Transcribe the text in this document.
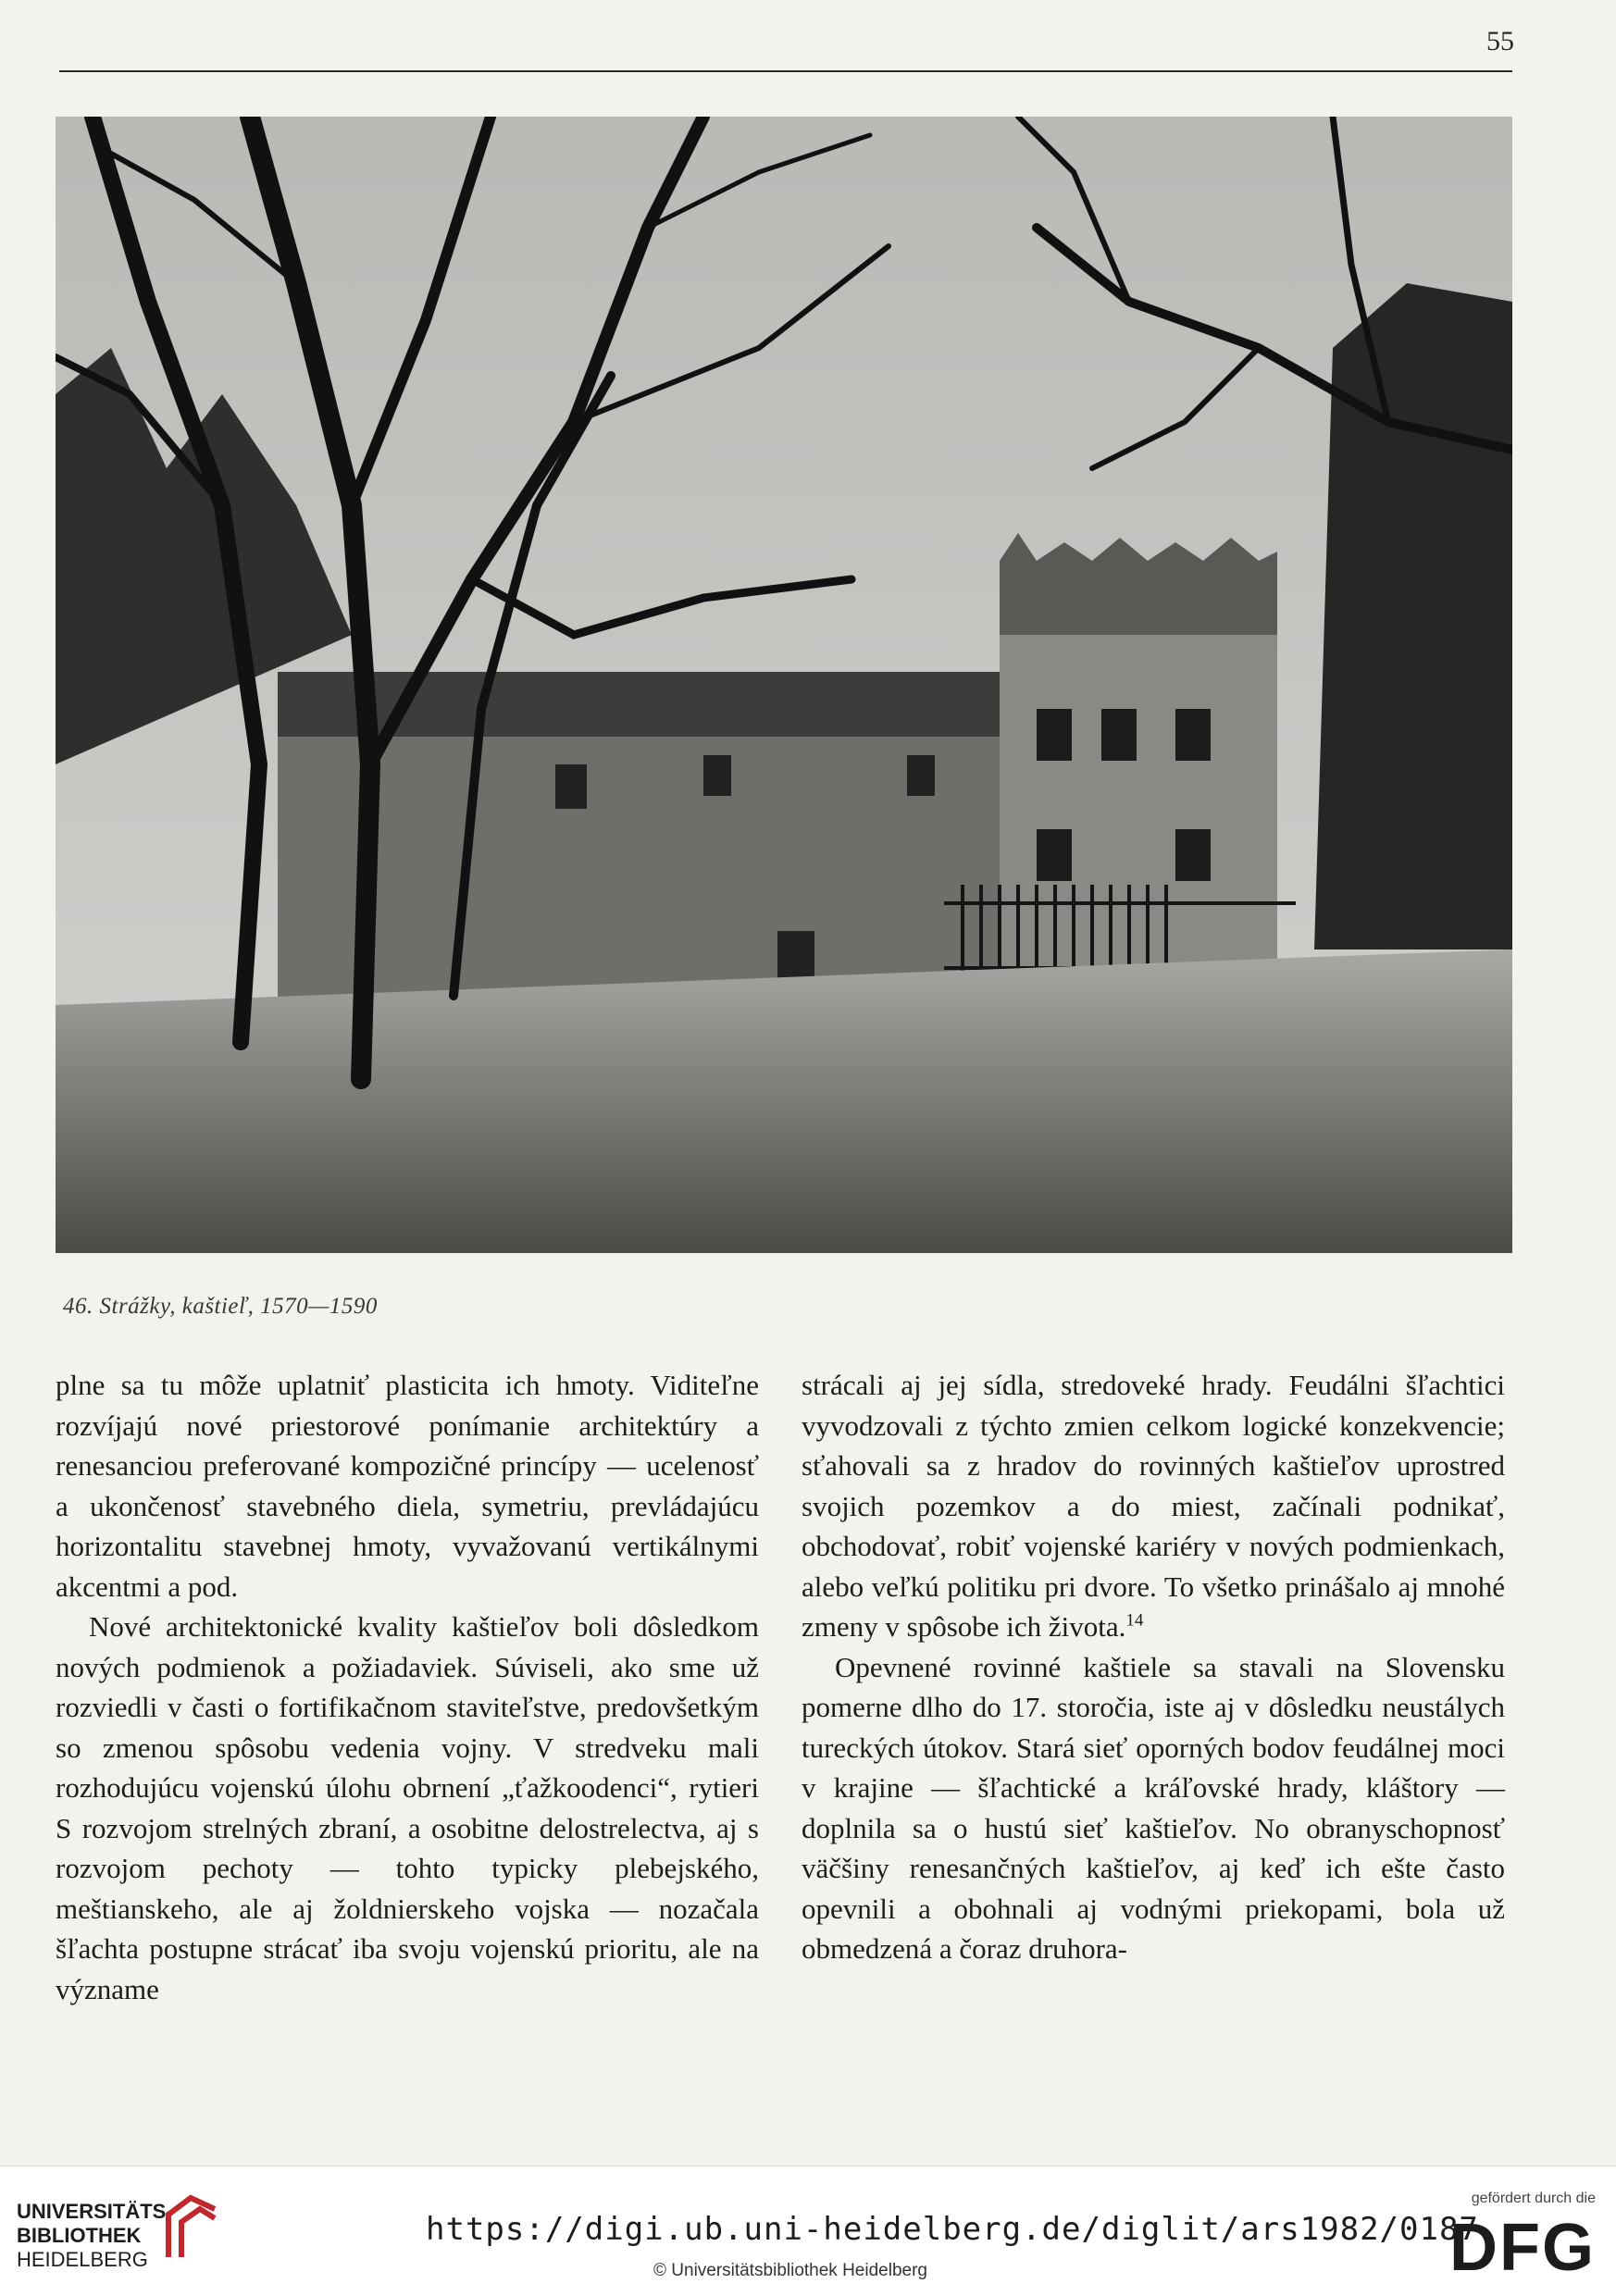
55
46. Strážky, kaštieľ, 1570—1590

plne sa tu môže uplatniť plasticita ich hmoty. Viditeľne rozvíjajú nové priestorové ponímanie architektúry a renesanciou preferované kompozičné princípy — ucelenosť a ukončenosť stavebného diela, symetriu, prevládajúcu horizontalitu stavebnej hmoty, vyvažovanú vertikálnymi akcentmi a pod.

Nové architektonické kvality kaštieľov boli dôsledkom nových podmienok a požiadaviek. Súviseli, ako sme už rozviedli v časti o fortifikačnom staviteľstve, predovšetkým so zmenou spôsobu vedenia vojny. V stredveku mali rozhodujúcu vojenskú úlohu obrnení „ťažkoodenci“, rytieri S rozvojom strelných zbraní, a osobitne delostrelectva, aj s rozvojom pechoty — tohto typicky plebejského, meštianskeho, ale aj žoldnierskeho vojska — nozačala šľachta postupne strácať iba svoju vojenskú prioritu, ale na význame

strácali aj jej sídla, stredoveké hrady. Feudálni šľachtici vyvodzovali z týchto zmien celkom logické konzekvencie; sťahovali sa z hradov do rovinných kaštieľov uprostred svojich pozemkov a do miest, začínali podnikať, obchodovať, robiť vojenské kariéry v nových podmienkach, alebo veľkú politiku pri dvore. To všetko prinášalo aj mnohé zmeny v spôsobe ich života.$^{14}$

Opevnené rovinné kaštiele sa stavali na Slovensku pomerne dlho do 17. storočia, iste aj v dôsledku neustálych tureckých útokov. Stará sieť oporných bodov feudálnej moci v krajine — šľachtické a kráľovské hrady, kláštory — doplnila sa o hustú sieť kaštieľov. No obranyschopnosť väčšiny renesančných kaštieľov, aj keď ich ešte často opevnili a obohnali aj vodnými priekopami, bola už obmedzená a čoraz druhora-

UNIVERSITÄTS-
BIBLIOTHEK
HEIDELBERG
https://digi.ub.uni-heidelberg.de/diglit/ars1982/0187
© Universitätsbibliothek Heidelberg
gefördert durch die
DFG
